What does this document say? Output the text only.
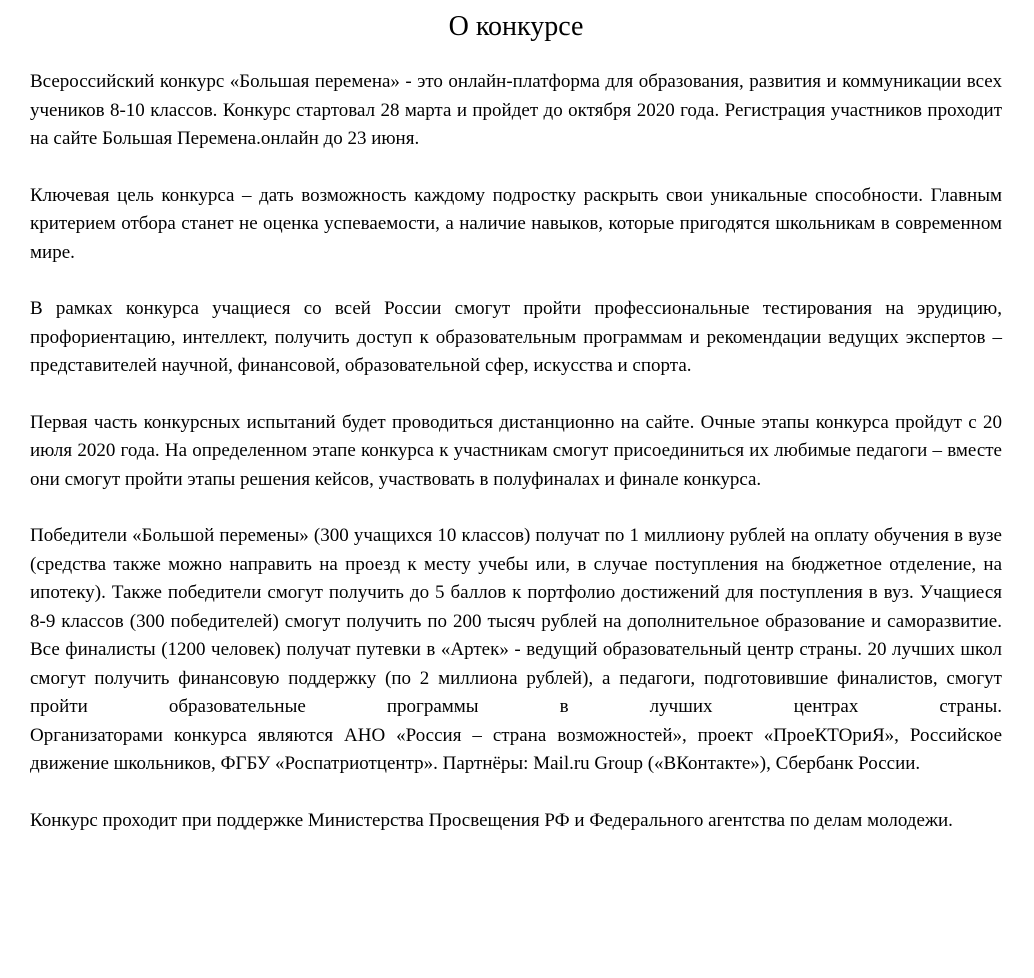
О конкурсе

Всероссийский конкурс «Большая перемена» - это онлайн-платформа для образования, развития и коммуникации всех учеников 8-10 классов. Конкурс стартовал 28 марта и пройдет до октября 2020 года. Регистрация участников проходит на сайте Большая Перемена.онлайн до 23 июня.

Ключевая цель конкурса – дать возможность каждому подростку раскрыть свои уникальные способности. Главным критерием отбора станет не оценка успеваемости, а наличие навыков, которые пригодятся школьникам в современном мире.

В рамках конкурса учащиеся со всей России смогут пройти профессиональные тестирования на эрудицию, профориентацию, интеллект, получить доступ к образовательным программам и рекомендации ведущих экспертов – представителей научной, финансовой, образовательной сфер, искусства и спорта.

Первая часть конкурсных испытаний будет проводиться дистанционно на сайте. Очные этапы конкурса пройдут с 20 июля 2020 года. На определенном этапе конкурса к участникам смогут присоединиться их любимые педагоги – вместе они смогут пройти этапы решения кейсов, участвовать в полуфиналах и финале конкурса.

Победители «Большой перемены» (300 учащихся 10 классов) получат по 1 миллиону рублей на оплату обучения в вузе (средства также можно направить на проезд к месту учебы или, в случае поступления на бюджетное отделение, на ипотеку). Также победители смогут получить до 5 баллов к портфолио достижений для поступления в вуз. Учащиеся 8-9 классов (300 победителей) смогут получить по 200 тысяч рублей на дополнительное образование и саморазвитие. Все финалисты (1200 человек) получат путевки в «Артек» - ведущий образовательный центр страны. 20 лучших школ смогут получить финансовую поддержку (по 2 миллиона рублей), а педагоги, подготовившие финалистов, смогут пройти образовательные программы в лучших центрах страны.
Организаторами конкурса являются АНО «Россия – страна возможностей», проект «ПроеКТОриЯ», Российское движение школьников, ФГБУ «Роспатриотцентр». Партнёры: Mail.ru Group («ВКонтакте»), Сбербанк России.

Конкурс проходит при поддержке Министерства Просвещения РФ и Федерального агентства по делам молодежи.
